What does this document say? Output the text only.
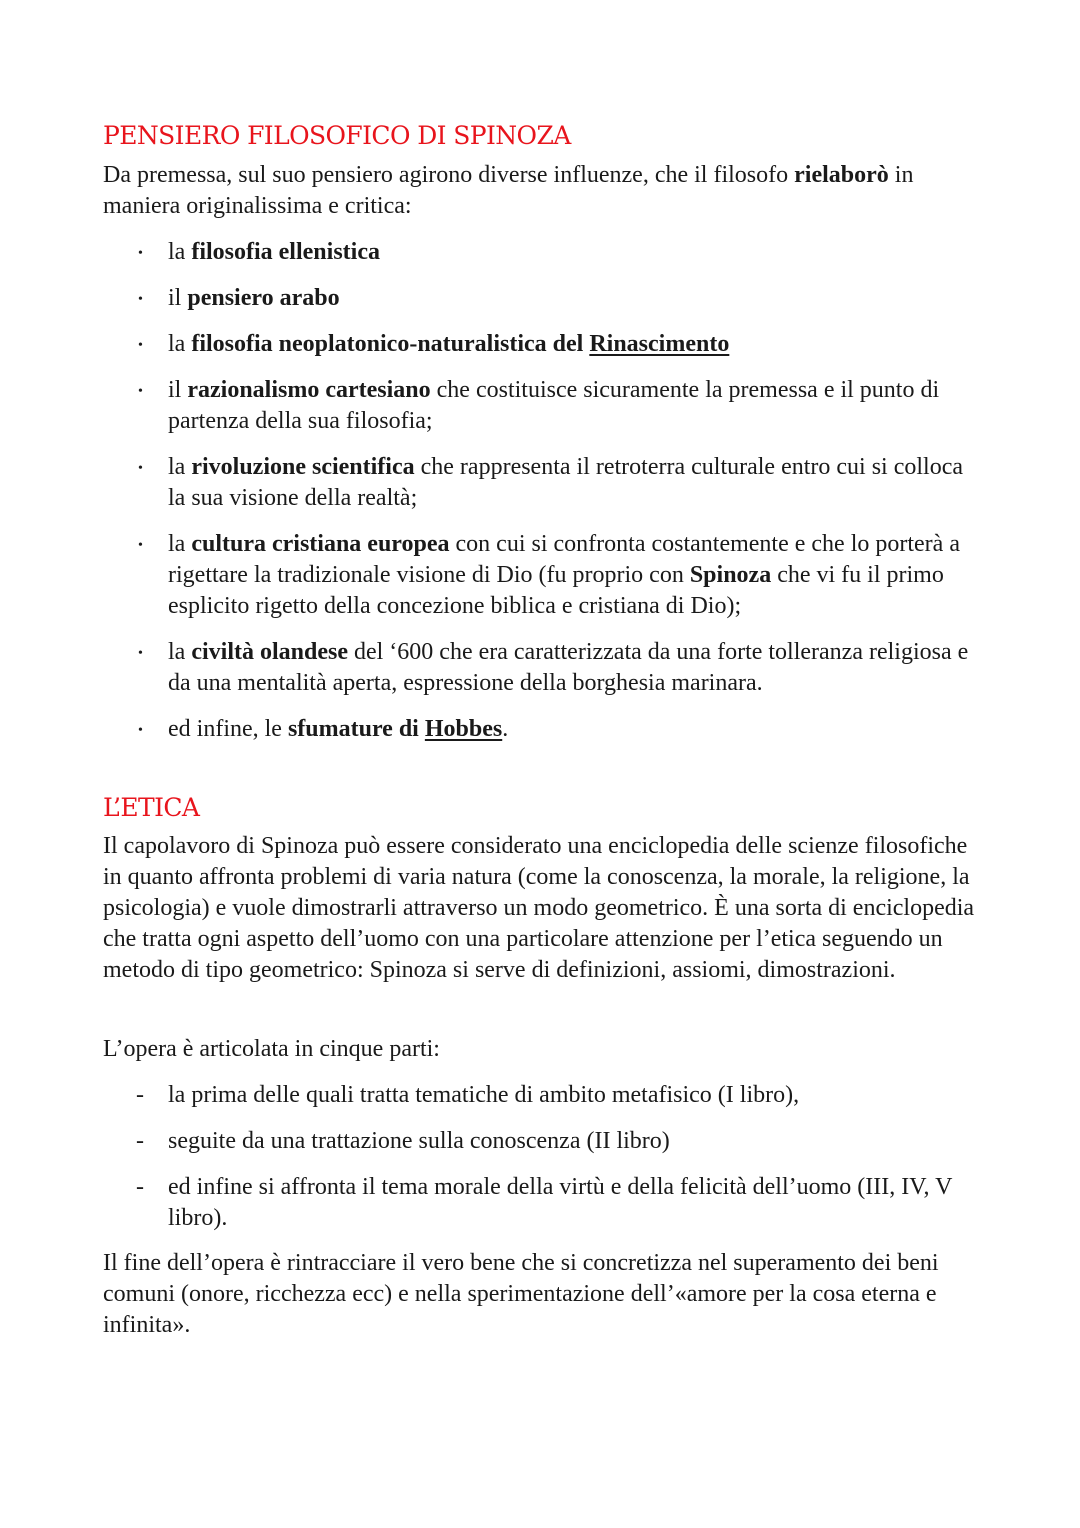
PENSIERO FILOSOFICO DI SPINOZA

Da premessa, sul suo pensiero agirono diverse influenze, che il filosofo rielaborò in maniera originalissima e critica:

• la filosofia ellenistica
• il pensiero arabo
• la filosofia neoplatonico-naturalistica del Rinascimento
• il razionalismo cartesiano che costituisce sicuramente la premessa e il punto di partenza della sua filosofia;
• la rivoluzione scientifica che rappresenta il retroterra culturale entro cui si colloca la sua visione della realtà;
• la cultura cristiana europea con cui si confronta costantemente e che lo porterà a rigettare la tradizionale visione di Dio (fu proprio con Spinoza che vi fu il primo esplicito rigetto della concezione biblica e cristiana di Dio);
• la civiltà olandese del ‘600 che era caratterizzata da una forte tolleranza religiosa e da una mentalità aperta, espressione della borghesia marinara.
• ed infine, le sfumature di Hobbes.
L’ETICA

Il capolavoro di Spinoza può essere considerato una enciclopedia delle scienze filosofiche in quanto affronta problemi di varia natura (come la conoscenza, la morale, la religione, la psicologia) e vuole dimostrarli attraverso un modo geometrico. È una sorta di enciclopedia che tratta ogni aspetto dell’uomo con una particolare attenzione per l’etica seguendo un metodo di tipo geometrico: Spinoza si serve di definizioni, assiomi, dimostrazioni.

L’opera è articolata in cinque parti:

- la prima delle quali tratta tematiche di ambito metafisico (I libro),
- seguite da una trattazione sulla conoscenza (II libro)
- ed infine si affronta il tema morale della virtù e della felicità dell’uomo (III, IV, V libro).

Il fine dell’opera è rintracciare il vero bene che si concretizza nel superamento dei beni comuni (onore, ricchezza ecc) e nella sperimentazione dell’«amore per la cosa eterna e infinita».
